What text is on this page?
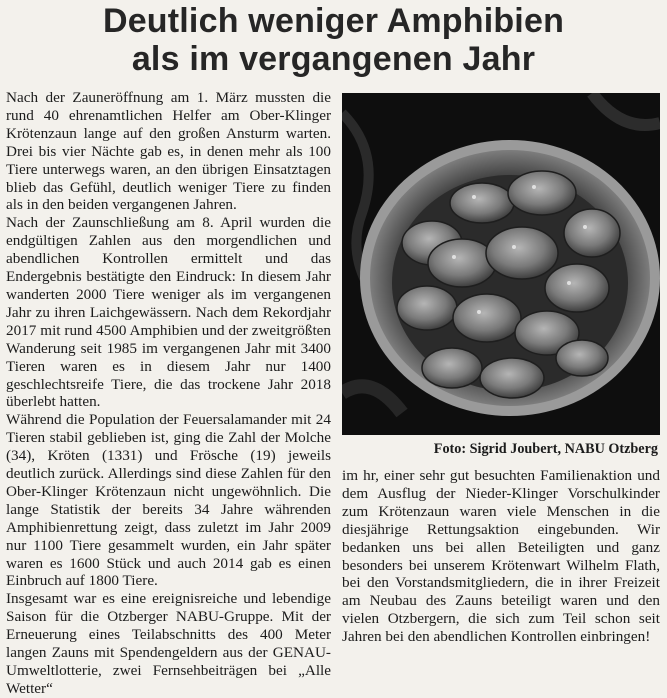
Deutlich weniger Amphibien
als im vergangenen Jahr

Nach der Zauneröffnung am 1. März mussten die rund 40 ehrenamtlichen Helfer am Ober-Klinger Krötenzaun lange auf den großen Ansturm warten. Drei bis vier Nächte gab es, in denen mehr als 100 Tiere unterwegs waren, an den übrigen Einsatztagen blieb das Gefühl, deutlich weniger Tiere zu finden als in den beiden vergangenen Jahren.

Nach der Zaunschließung am 8. April wurden die endgültigen Zahlen aus den morgendlichen und abendlichen Kontrollen ermittelt und das Endergebnis bestätigte den Eindruck: In diesem Jahr wanderten 2000 Tiere weniger als im vergangenen Jahr zu ihren Laichgewässern. Nach dem Rekordjahr 2017 mit rund 4500 Amphibien und der zweitgrößten Wanderung seit 1985 im vergangenen Jahr mit 3400 Tieren waren es in diesem Jahr nur 1400 geschlechtsreife Tiere, die das trockene Jahr 2018 überlebt hatten.

Während die Population der Feuersalamander mit 24 Tieren stabil geblieben ist, ging die Zahl der Molche (34), Kröten (1331) und Frösche (19) jeweils deutlich zurück. Allerdings sind diese Zahlen für den Ober-Klinger Krötenzaun nicht ungewöhnlich. Die lange Statistik der bereits 34 Jahre währenden Amphibienrettung zeigt, dass zuletzt im Jahr 2009 nur 1100 Tiere gesammelt wurden, ein Jahr später waren es 1600 Stück und auch 2014 gab es einen Einbruch auf 1800 Tiere.

Insgesamt war es eine ereignisreiche und lebendige Saison für die Otzberger NABU-Gruppe. Mit der Erneuerung eines Teilabschnitts des 400 Meter langen Zauns mit Spendengeldern aus der GENAU-Umweltlotterie, zwei Fernsehbeiträgen bei „Alle Wetter“

Foto: Sigrid Joubert, NABU Otzberg

im hr, einer sehr gut besuchten Familienaktion und dem Ausflug der Nieder-Klinger Vorschulkinder zum Krötenzaun waren viele Menschen in die diesjährige Rettungsaktion eingebunden. Wir bedanken uns bei allen Beteiligten und ganz besonders bei unserem Krötenwart Wilhelm Flath, bei den Vorstandsmitgliedern, die in ihrer Freizeit am Neubau des Zauns beteiligt waren und den vielen Otzbergern, die sich zum Teil schon seit Jahren bei den abendlichen Kontrollen einbringen!
